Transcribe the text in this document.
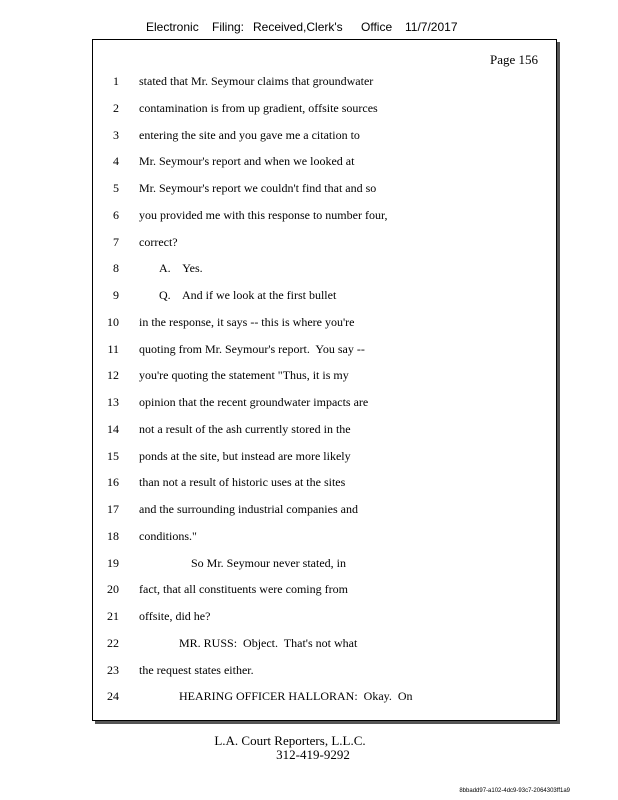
Electronic Filing: Received,Clerk's Office 11/7/2017
Page 156
1 stated that Mr. Seymour claims that groundwater
2 contamination is from up gradient, offsite sources
3 entering the site and you gave me a citation to
4 Mr. Seymour's report and when we looked at
5 Mr. Seymour's report we couldn't find that and so
6 you provided me with this response to number four,
7 correct?
8	A.    Yes.
9	Q.    And if we look at the first bullet
10 in the response, it says -- this is where you're
11 quoting from Mr. Seymour's report.  You say --
12 you're quoting the statement "Thus, it is my
13 opinion that the recent groundwater impacts are
14 not a result of the ash currently stored in the
15 ponds at the site, but instead are more likely
16 than not a result of historic uses at the sites
17 and the surrounding industrial companies and
18 conditions."
19	So Mr. Seymour never stated, in
20 fact, that all constituents were coming from
21 offsite, did he?
22	MR. RUSS:  Object.  That's not what
23 the request states either.
24	HEARING OFFICER HALLORAN:  Okay.  On
L.A. Court Reporters, L.L.C.
312-419-9292
8bbadd97-a102-4dc9-93c7-2064303ff1a9
